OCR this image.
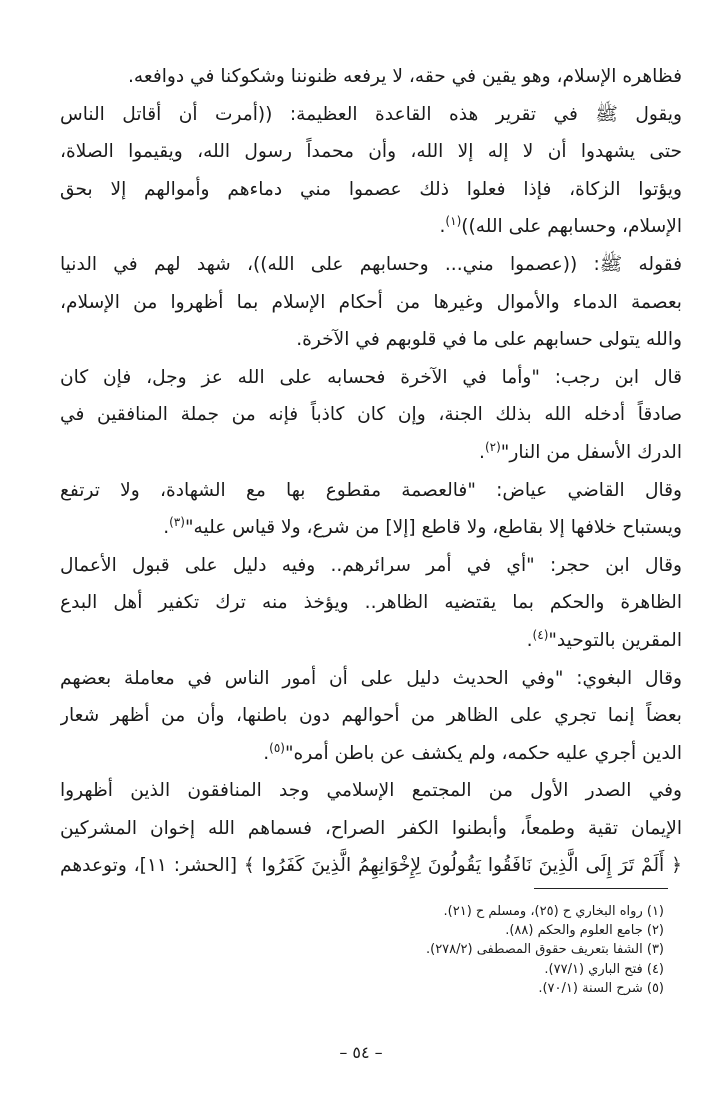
فظاهره الإسلام، وهو يقين في حقه، لا يرفعه ظنوننا وشكوكنا في دوافعه.
ويقول ﷺ في تقرير هذه القاعدة العظيمة: ((أمرت أن أقاتل الناس
حتى يشهدوا أن لا إله إلا الله، وأن محمداً رسول الله، ويقيموا الصلاة،
ويؤتوا الزكاة، فإذا فعلوا ذلك عصموا مني دماءهم وأموالهم إلا بحق
الإسلام، وحسابهم على الله))$^{(١)}$.
فقوله ﷺ: ((عصموا مني... وحسابهم على الله))، شهد لهم في الدنيا
بعصمة الدماء والأموال وغيرها من أحكام الإسلام بما أظهروا من الإسلام،
والله يتولى حسابهم على ما في قلوبهم في الآخرة.
قال ابن رجب: "وأما في الآخرة فحسابه على الله عز وجل، فإن كان
صادقاً أدخله الله بذلك الجنة، وإن كان كاذباً فإنه من جملة المنافقين في
الدرك الأسفل من النار"$^{(٢)}$.
وقال القاضي عياض: "فالعصمة مقطوع بها مع الشهادة، ولا ترتفع
ويستباح خلافها إلا بقاطع، ولا قاطع [إلا] من شرع، ولا قياس عليه"$^{(٣)}$.
وقال ابن حجر: "أي في أمر سرائرهم.. وفيه دليل على قبول الأعمال
الظاهرة والحكم بما يقتضيه الظاهر.. ويؤخذ منه ترك تكفير أهل البدع
المقرين بالتوحيد"$^{(٤)}$.
وقال البغوي: "وفي الحديث دليل على أن أمور الناس في معاملة بعضهم
بعضاً إنما تجري على الظاهر من أحوالهم دون باطنها، وأن من أظهر شعار
الدين أجري عليه حكمه، ولم يكشف عن باطن أمره"$^{(٥)}$.
وفي الصدر الأول من المجتمع الإسلامي وجد المنافقون الذين أظهروا
الإيمان تقية وطمعاً، وأبطنوا الكفر الصراح، فسماهم الله إخوان المشركين
﴿ أَلَمْ تَرَ إِلَى الَّذِينَ نَافَقُوا يَقُولُونَ لِإِخْوَانِهِمُ الَّذِينَ كَفَرُوا ﴾ [الحشر: ١١]، وتوعدهم
(١) رواه البخاري ح (٢٥)، ومسلم ح (٢١).
(٢) جامع العلوم والحكم (٨٨).
(٣) الشفا بتعريف حقوق المصطفى (٢٧٨/٢).
(٤) فتح الباري (٧٧/١).
(٥) شرح السنة (٧٠/١).
– ٥٤ –
